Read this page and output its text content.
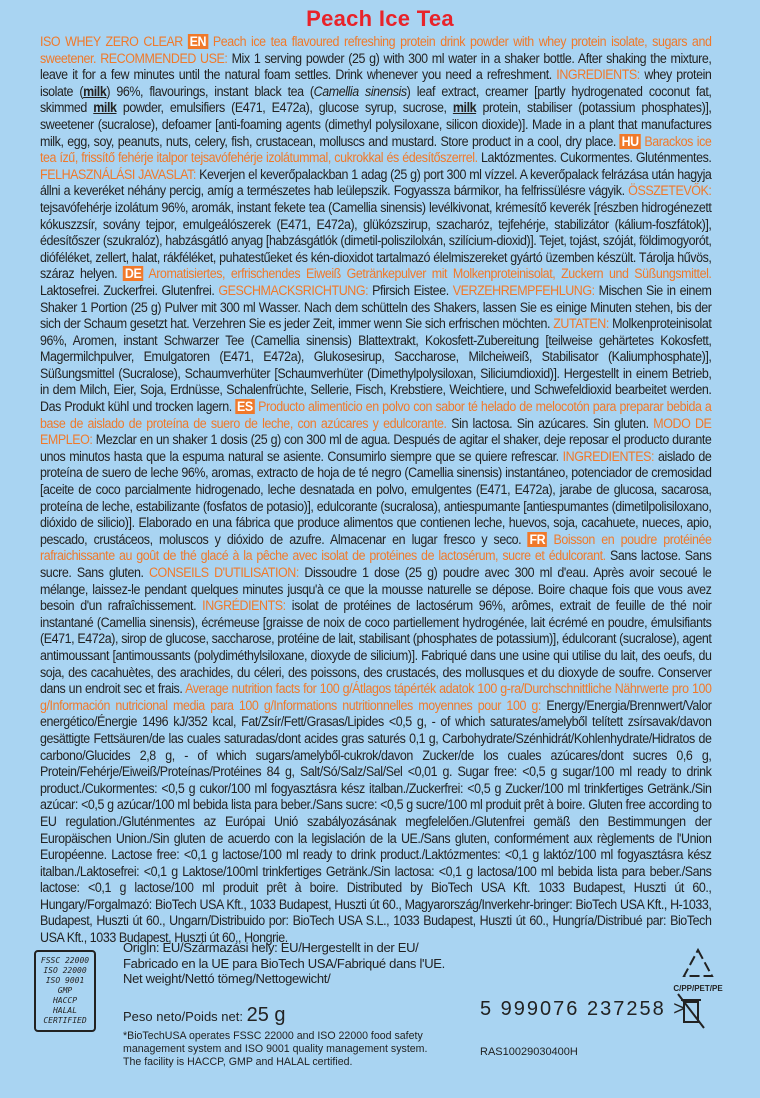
Peach Ice Tea
ISO WHEY ZERO CLEAR EN Peach ice tea flavoured refreshing protein drink powder with whey protein isolate, sugars and sweetener. RECOMMENDED USE: Mix 1 serving powder (25 g) with 300 ml water in a shaker bottle. After shaking the mixture, leave it for a few minutes until the natural foam settles. Drink whenever you need a refreshment. INGREDIENTS: whey protein isolate (milk) 96%, flavourings, instant black tea (Camellia sinensis) leaf extract, creamer [partly hydrogenated coconut fat, skimmed milk powder, emulsifiers (E471, E472a), glucose syrup, sucrose, milk protein, stabiliser (potassium phosphates)], sweetener (sucralose), defoamer [anti-foaming agents (dimethyl polysiloxane, silicon dioxide)]. Made in a plant that manufactures milk, egg, soy, peanuts, nuts, celery, fish, crustacean, molluscs and mustard. Store product in a cool, dry place. HU Barackos ice tea ízű, frissítő fehérje italpor tejsavófehérje izolátummal, cukrokkal és édesítőszerrel. Laktózmentes. Cukormentes. Gluténmentes. FELHASZNÁLÁSI JAVASLAT: Keverjen el keverőpalackban 1 adag (25 g) port 300 ml vízzel. A keverőpalack felrázása után hagyja állni a keveréket néhány percig, amíg a természetes hab leülepszik. Fogyassza bármikor, ha felfrissülésre vágyik. ÖSSZETEVŐK: tejsavófehérje izolátum 96%, aromák, instant fekete tea (Camellia sinensis) levélkivonat, krémesítő keverék [részben hidrogénezett kókuszzsír, sovány tejpor, emulgeálószerek (E471, E472a), glükózszirup, szacharóz, tejfehérje, stabilizátor (kálium-foszfátok)], édesítőszer (szukralóz), habzásgátló anyag [habzásgátlók (dimetil-poliszilolxán, szilícium-dioxid)]. Tejet, tojást, szóját, földimogyorót, dióféléket, zellert, halat, rákféléket, puhatestűeket és kén-dioxidot tartalmazó élelmiszereket gyártó üzemben készült. Tárolja hűvös, száraz helyen. DE Aromatisiertes, erfrischendes Eiweiß Getränkepulver mit Molkenproteinisolat, Zuckern und Süßungsmittel. Laktosefrei. Zuckerfrei. Glutenfrei. GESCHMACKSRICHTUNG: Pfirsich Eistee. VERZEHREMPFEHLUNG: Mischen Sie in einem Shaker 1 Portion (25 g) Pulver mit 300 ml Wasser. Nach dem schütteln des Shakers, lassen Sie es einige Minuten stehen, bis der sich der Schaum gesetzt hat. Verzehren Sie es jeder Zeit, immer wenn Sie sich erfrischen möchten. ZUTATEN: Molkenproteinisolat 96%, Aromen, instant Schwarzer Tee (Camellia sinensis) Blattextrakt, Kokosfett-Zubereitung [teilweise gehärtetes Kokosfett, Magermilchpulver, Emulgatoren (E471, E472a), Glukosesirup, Saccharose, Milcheiweiß, Stabilisator (Kaliumphosphate)], Süßungsmittel (Sucralose), Schaumverhüter [Schaumverhüter (Dimethylpolysiloxan, Siliciumdioxid)]. Hergestellt in einem Betrieb, in dem Milch, Eier, Soja, Erdnüsse, Schalenfrüchte, Sellerie, Fisch, Krebstiere, Weichtiere, und Schwefeldioxid bearbeitet werden. Das Produkt kühl und trocken lagern. ES Producto alimenticio en polvo con sabor té helado de melocotón para preparar bebida a base de aislado de proteína de suero de leche, con azúcares y edulcorante. Sin lactosa. Sin azúcares. Sin gluten. MODO DE EMPLEO: Mezclar en un shaker 1 dosis (25 g) con 300 ml de agua. Después de agitar el shaker, deje reposar el producto durante unos minutos hasta que la espuma natural se asiente. Consumirlo siempre que se quiere refrescar. INGREDIENTES: aislado de proteína de suero de leche 96%, aromas, extracto de hoja de té negro (Camellia sinensis) instantáneo, potenciador de cremosidad [aceite de coco parcialmente hidrogenado, leche desnatada en polvo, emulgentes (E471, E472a), jarabe de glucosa, sacarosa, proteína de leche, estabilizante (fosfatos de potasio)], edulcorante (sucralosa), antiespumante [antiespumantes (dimetilpolisiloxano, dióxido de silicio)]. Elaborado en una fábrica que produce alimentos que contienen leche, huevos, soja, cacahuete, nueces, apio, pescado, crustáceos, moluscos y dióxido de azufre. Almacenar en lugar fresco y seco. FR Boisson en poudre protéinée rafraichissante au goût de thé glacé à la pêche avec isolat de protéines de lactosérum, sucre et édulcorant. Sans lactose. Sans sucre. Sans gluten. CONSEILS D'UTILISATION: Dissoudre 1 dose (25 g) poudre avec 300 ml d'eau. Après avoir secoué le mélange, laissez-le pendant quelques minutes jusqu'à ce que la mousse naturelle se dépose. Boire chaque fois que vous avez besoin d'un rafraîchissement. INGRÉDIENTS: isolat de protéines de lactosérum 96%, arômes, extrait de feuille de thé noir instantané (Camellia sinensis), écrémeuse [graisse de noix de coco partiellement hydrogénée, lait écrémé en poudre, émulsifiants (E471, E472a), sirop de glucose, saccharose, protéine de lait, stabilisant (phosphates de potassium)], édulcorant (sucralose), agent antimoussant [antimoussants (polydiméthylsiloxane, dioxyde de silicium)]. Fabriqué dans une usine qui utilise du lait, des oeufs, du soja, des cacahuètes, des arachides, du céleri, des poissons, des crustacés, des mollusques et du dioxyde de soufre. Conserver dans un endroit sec et frais. Average nutrition facts for 100 g/Átlagos tápérték adatok 100 g-ra/Durchschnittliche Nährwerte pro 100 g/Información nutricional media para 100 g/Informations nutritionnelles moyennes pour 100 g: Energy/Energia/Brennwert/Valor energético/Énergie 1496 kJ/352 kcal, Fat/Zsír/Fett/Grasas/Lipides <0,5 g, - of which saturates/amelyből telített zsírsavak/davon gesättigte Fettsäuren/de las cuales saturadas/dont acides gras saturés 0,1 g, Carbohydrate/Szénhidrát/Kohlenhydrate/Hidratos de carbono/Glucides 2,8 g, - of which sugars/amelyből-cukrok/davon Zucker/de los cuales azúcares/dont sucres 0,6 g, Protein/Fehérje/Eiweiß/Proteínas/Protéines 84 g, Salt/Só/Salz/Sal/Sel <0,01 g. Sugar free: <0,5 g sugar/100 ml ready to drink product./Cukormentes: <0,5 g cukor/100 ml fogyasztásra kész italban./Zuckerfrei: <0,5 g Zucker/100 ml trinkfertiges Getränk./Sin azúcar: <0,5 g azúcar/100 ml bebida lista para beber./Sans sucre: <0,5 g sucre/100 ml produit prêt à boire. Gluten free according to EU regulation./Gluténmentes az Európai Unió szabályozásának megfelelően./Glutenfrei gemäß den Bestimmungen der Europäischen Union./Sin gluten de acuerdo con la legislación de la UE./Sans gluten, conformément aux règlements de l'Union Européenne. Lactose free: <0,1 g lactose/100 ml ready to drink product./Laktózmentes: <0,1 g laktóz/100 ml fogyasztásra kész italban./Laktosefrei: <0,1 g Laktose/100ml trinkfertiges Getränk./Sin lactosa: <0,1 g lactosa/100 ml bebida lista para beber./Sans lactose: <0,1 g lactose/100 ml produit prêt à boire. Distributed by BioTech USA Kft. 1033 Budapest, Huszti út 60., Hungary/Forgalmazó: BioTech USA Kft., 1033 Budapest, Huszti út 60., Magyarország/Inverkehr-bringer: BioTech USA Kft., H-1033, Budapest, Huszti út 60., Ungarn/Distribuido por: BioTech USA S.L., 1033 Budapest, Huszti út 60., Hungría/Distribué par: BioTech USA Kft., 1033 Budapest, Huszti út 60., Hongrie.
FSSC 22000
ISO 22000
ISO 9001
GMP
HACCP
HALAL
CERTIFIED
Origin: EU/Származási hely: EU/Hergestellt in der EU/ Fabricado en la UE para BioTech USA/Fabriqué dans l'UE.
Net weight/Nettó tömeg/Nettogewicht/
Peso neto/Poids net: 25 g
*BioTechUSA operates FSSC 22000 and ISO 22000 food safety management system and ISO 9001 quality management system.
The facility is HACCP, GMP and HALAL certified.
C/PP/PET/PE
5 999076 237258 >
RAS10029030400H
